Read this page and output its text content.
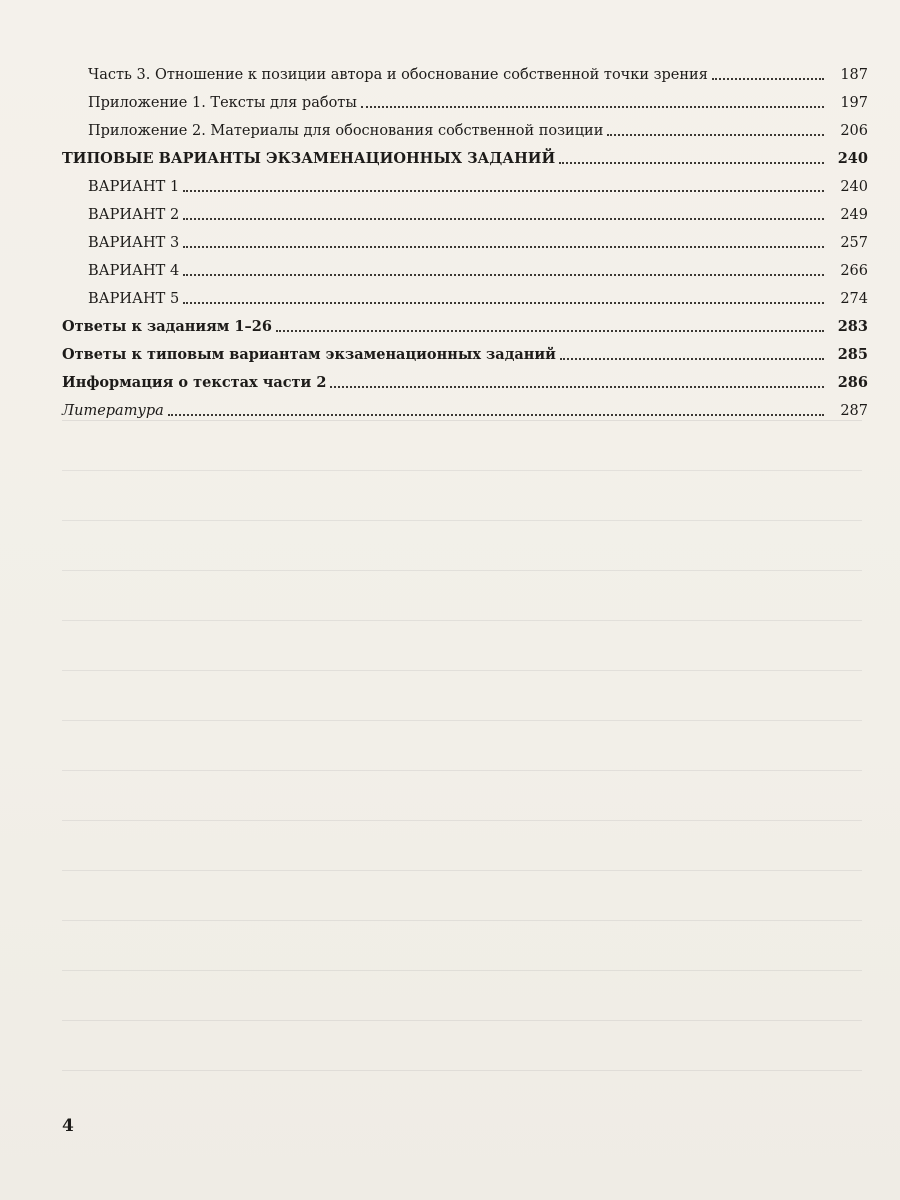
Часть 3. Отношение к позиции автора и обоснование собственной точки зрения	187
Приложение 1. Тексты для работы	197
Приложение 2. Материалы для обоснования собственной позиции	206
ТИПОВЫЕ ВАРИАНТЫ ЭКЗАМЕНАЦИОННЫХ ЗАДАНИЙ	240
ВАРИАНТ 1	240
ВАРИАНТ 2	249
ВАРИАНТ 3	257
ВАРИАНТ 4	266
ВАРИАНТ 5	274
Ответы к заданиям 1–26	283
Ответы к типовым вариантам экзаменационных заданий	285
Информация о текстах части 2	286
Литература	287
4
